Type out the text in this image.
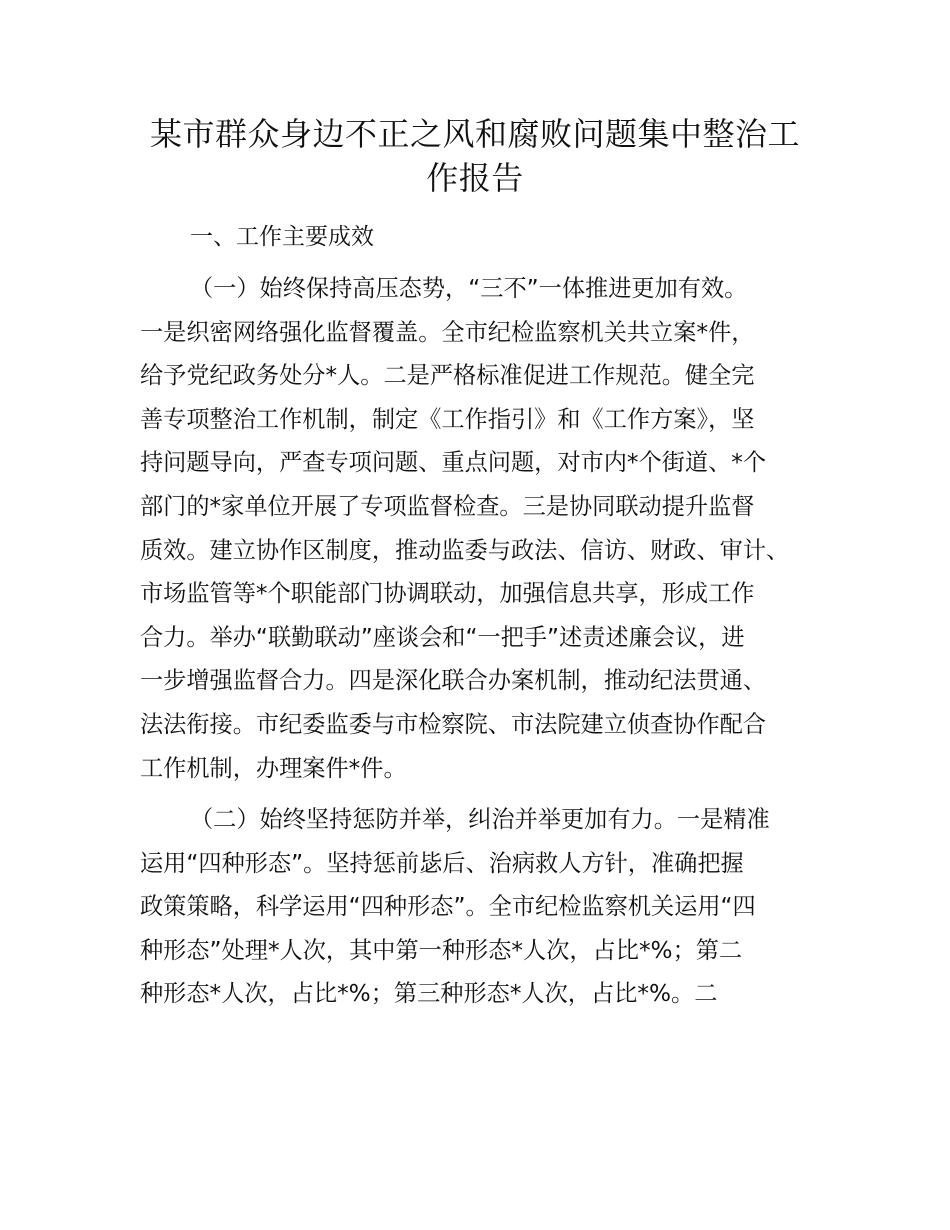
某市群众身边不正之风和腐败问题集中整治工
作报告
一、工作主要成效
（一）始终保持高压态势，“三不”一体推进更加有效。
一是织密网络强化监督覆盖。全市纪检监察机关共立案*件，
给予党纪政务处分*人。二是严格标准促进工作规范。健全完
善专项整治工作机制，制定《工作指引》和《工作方案》，坚
持问题导向，严查专项问题、重点问题，对市内*个街道、*个
部门的*家单位开展了专项监督检查。三是协同联动提升监督
质效。建立协作区制度，推动监委与政法、信访、财政、审计、
市场监管等*个职能部门协调联动，加强信息共享，形成工作
合力。举办“联勤联动”座谈会和“一把手”述责述廉会议，进
一步增强监督合力。四是深化联合办案机制，推动纪法贯通、
法法衔接。市纪委监委与市检察院、市法院建立侦查协作配合
工作机制，办理案件*件。
（二）始终坚持惩防并举，纠治并举更加有力。一是精准
运用“四种形态”。坚持惩前毖后、治病救人方针，准确把握
政策策略，科学运用“四种形态”。全市纪检监察机关运用“四
种形态”处理*人次，其中第一种形态*人次，占比*%；第二
种形态*人次，占比*%；第三种形态*人次，占比*%。二
